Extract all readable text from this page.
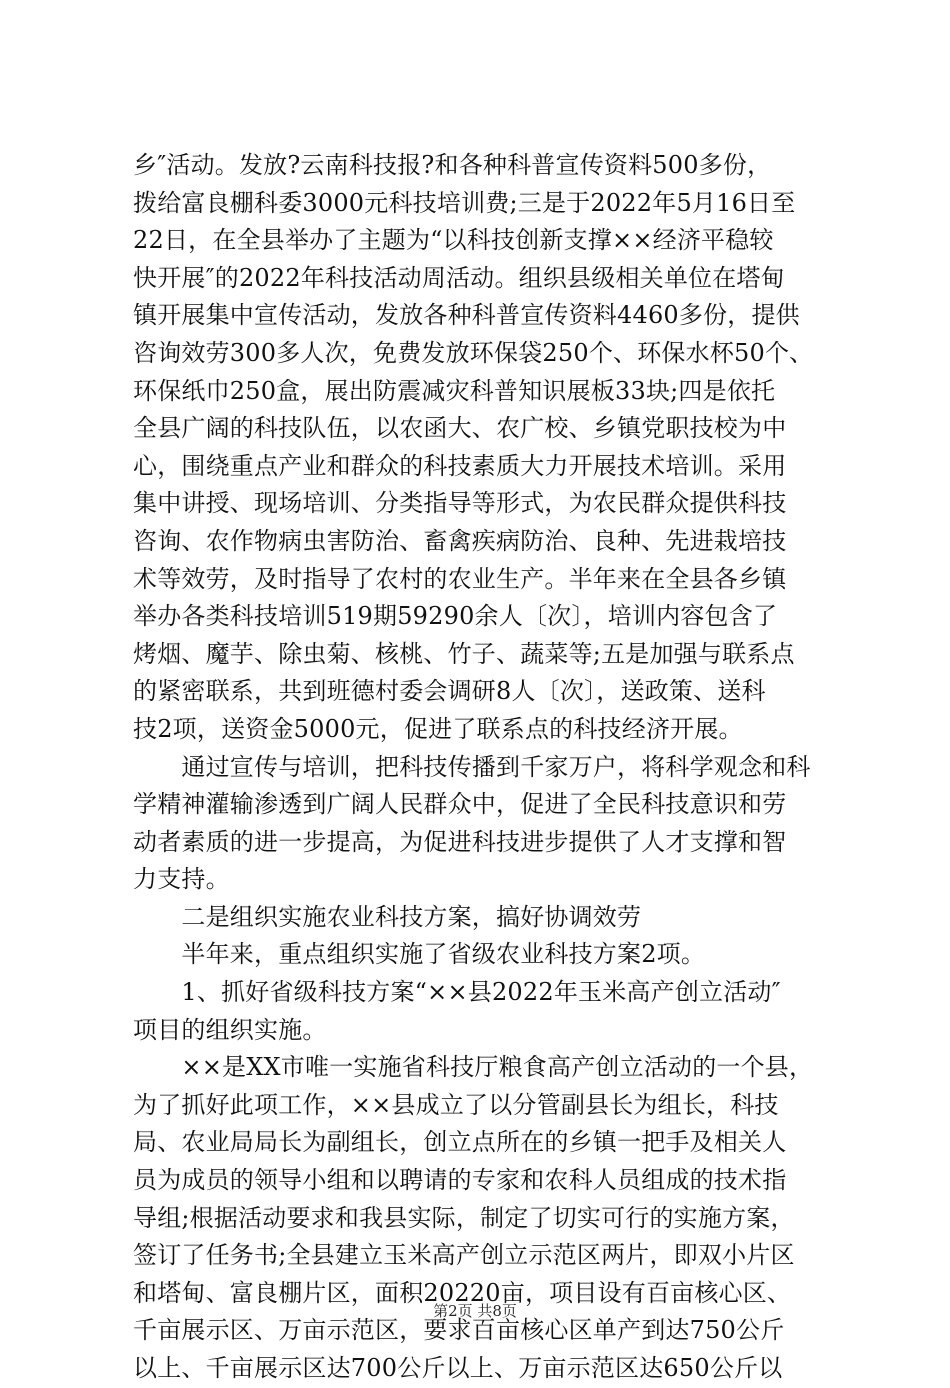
乡″活动。发放?云南科技报?和各种科普宣传资料500多份，
拨给富良棚科委3000元科技培训费;三是于2022年5月16日至
22日，在全县举办了主题为“以科技创新支撑××经济平稳较
快开展″的2022年科技活动周活动。组织县级相关单位在塔甸
镇开展集中宣传活动，发放各种科普宣传资料4460多份，提供
咨询效劳300多人次，免费发放环保袋250个、环保水杯50个、
环保纸巾250盒，展出防震减灾科普知识展板33块;四是依托
全县广阔的科技队伍，以农函大、农广校、乡镇党职技校为中
心，围绕重点产业和群众的科技素质大力开展技术培训。采用
集中讲授、现场培训、分类指导等形式，为农民群众提供科技
咨询、农作物病虫害防治、畜禽疾病防治、良种、先进栽培技
术等效劳，及时指导了农村的农业生产。半年来在全县各乡镇
举办各类科技培训519期59290余人〔次〕，培训内容包含了
烤烟、魔芋、除虫菊、核桃、竹子、蔬菜等;五是加强与联系点
的紧密联系，共到班德村委会调研8人〔次〕，送政策、送科
技2项，送资金5000元，促进了联系点的科技经济开展。
　　通过宣传与培训，把科技传播到千家万户，将科学观念和科
学精神灌输渗透到广阔人民群众中，促进了全民科技意识和劳
动者素质的进一步提高，为促进科技进步提供了人才支撑和智
力支持。
　　二是组织实施农业科技方案，搞好协调效劳
　　半年来，重点组织实施了省级农业科技方案2项。
　　1、抓好省级科技方案“××县2022年玉米高产创立活动″
项目的组织实施。
　　××是XX市唯一实施省科技厅粮食高产创立活动的一个县，
为了抓好此项工作，××县成立了以分管副县长为组长，科技
局、农业局局长为副组长，创立点所在的乡镇一把手及相关人
员为成员的领导小组和以聘请的专家和农科人员组成的技术指
导组;根据活动要求和我县实际，制定了切实可行的实施方案，
签订了任务书;全县建立玉米高产创立示范区两片，即双小片区
和塔甸、富良棚片区，面积20220亩，项目设有百亩核心区、
千亩展示区、万亩示范区，要求百亩核心区单产到达750公斤
以上、千亩展示区达700公斤以上、万亩示范区达650公斤以
第2页 共8页
